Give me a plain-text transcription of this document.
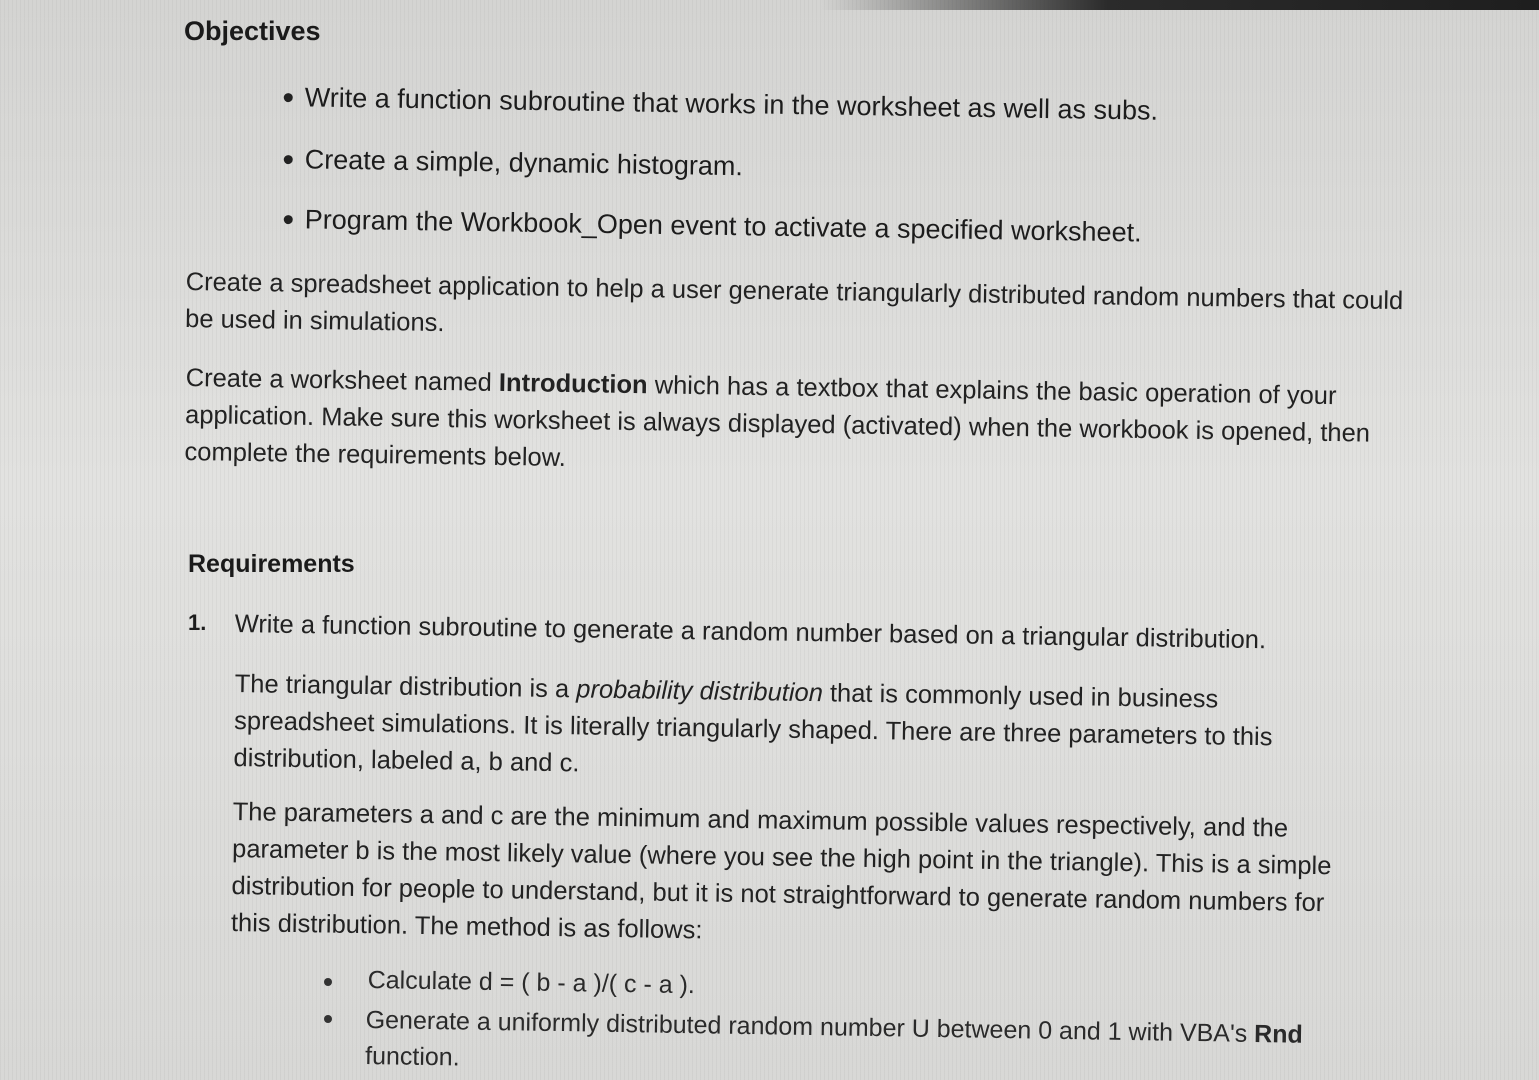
Objectives
Write a function subroutine that works in the worksheet as well as subs.
Create a simple, dynamic histogram.
Program the Workbook_Open event to activate a specified worksheet.

Create a spreadsheet application to help a user generate triangularly distributed random numbers that could be used in simulations.

Create a worksheet named Introduction which has a textbox that explains the basic operation of your application. Make sure this worksheet is always displayed (activated) when the workbook is opened, then complete the requirements below.

Requirements
1. Write a function subroutine to generate a random number based on a triangular distribution.

The triangular distribution is a probability distribution that is commonly used in business spreadsheet simulations. It is literally triangularly shaped. There are three parameters to this distribution, labeled a, b and c.

The parameters a and c are the minimum and maximum possible values respectively, and the parameter b is the most likely value (where you see the high point in the triangle). This is a simple distribution for people to understand, but it is not straightforward to generate random numbers for this distribution. The method is as follows:

Calculate d = ( b - a )/( c - a ).
Generate a uniformly distributed random number U between 0 and 1 with VBA's Rnd
function.
